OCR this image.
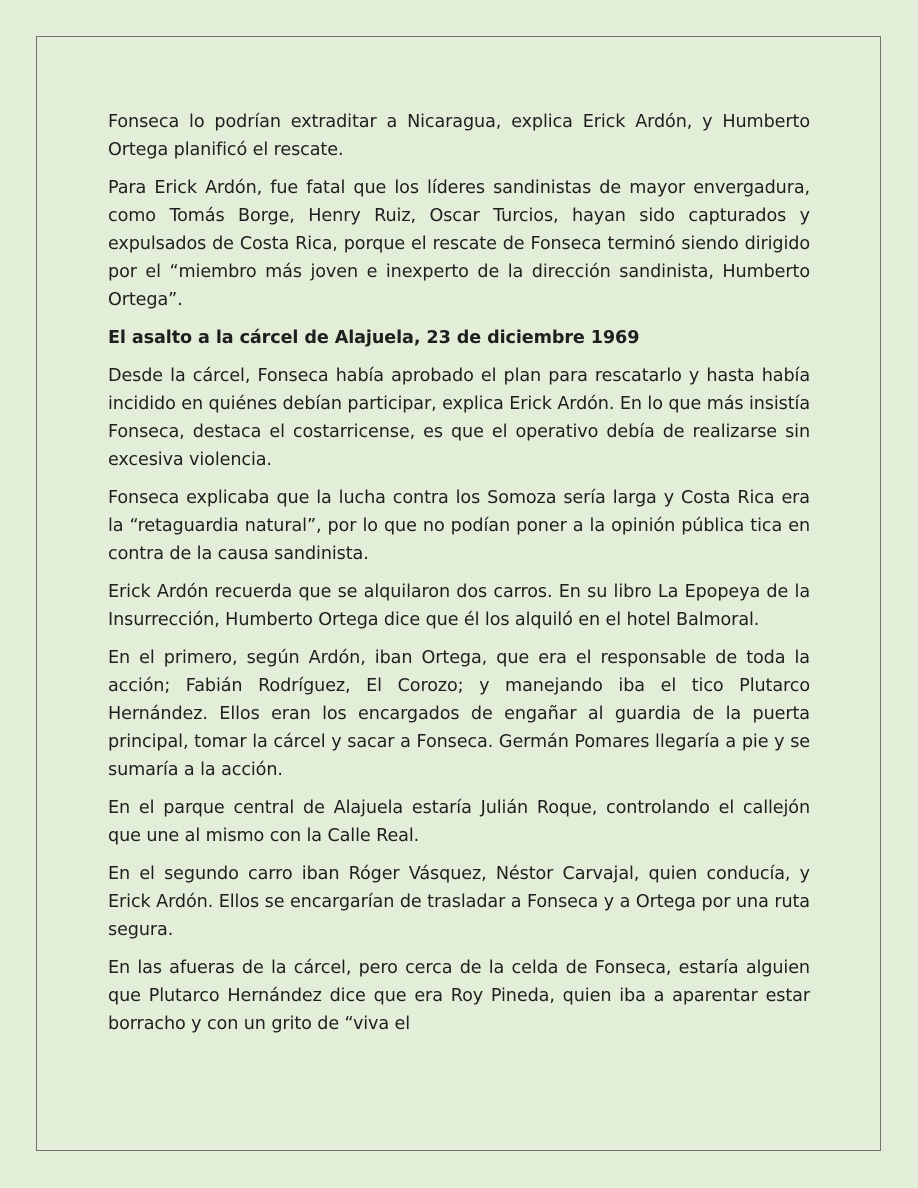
Fonseca lo podrían extraditar a Nicaragua, explica Erick Ardón, y Humberto Ortega planificó el rescate.

Para Erick Ardón, fue fatal que los líderes sandinistas de mayor envergadura, como Tomás Borge, Henry Ruiz, Oscar Turcios, hayan sido capturados y expulsados de Costa Rica, porque el rescate de Fonseca terminó siendo dirigido por el “miembro más joven e inexperto de la dirección sandinista, Humberto Ortega”.

El asalto a la cárcel de Alajuela, 23 de diciembre 1969

Desde la cárcel, Fonseca había aprobado el plan para rescatarlo y hasta había incidido en quiénes debían participar, explica Erick Ardón. En lo que más insistía Fonseca, destaca el costarricense, es que el operativo debía de realizarse sin excesiva violencia.

Fonseca explicaba que la lucha contra los Somoza sería larga y Costa Rica era la “retaguardia natural”, por lo que no podían poner a la opinión pública tica en contra de la causa sandinista.

Erick Ardón recuerda que se alquilaron dos carros. En su libro La Epopeya de la Insurrección, Humberto Ortega dice que él los alquiló en el hotel Balmoral.

En el primero, según Ardón, iban Ortega, que era el responsable de toda la acción; Fabián Rodríguez, El Corozo; y manejando iba el tico Plutarco Hernández. Ellos eran los encargados de engañar al guardia de la puerta principal, tomar la cárcel y sacar a Fonseca. Germán Pomares llegaría a pie y se sumaría a la acción.

En el parque central de Alajuela estaría Julián Roque, controlando el callejón que une al mismo con la Calle Real.

En el segundo carro iban Róger Vásquez, Néstor Carvajal, quien conducía, y Erick Ardón. Ellos se encargarían de trasladar a Fonseca y a Ortega por una ruta segura.

En las afueras de la cárcel, pero cerca de la celda de Fonseca, estaría alguien que Plutarco Hernández dice que era Roy Pineda, quien iba a aparentar estar borracho y con un grito de “viva el
